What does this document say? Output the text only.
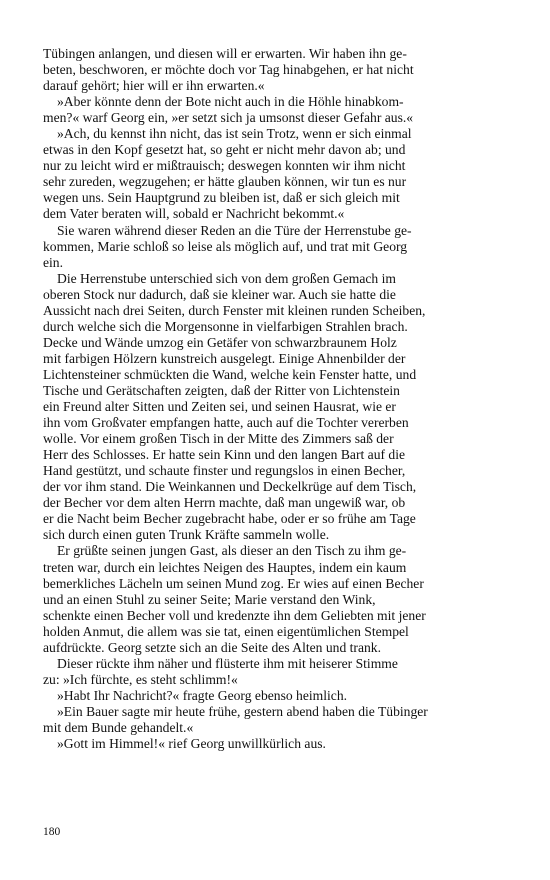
Tübingen anlangen, und diesen will er erwarten. Wir haben ihn ge-
beten, beschworen, er möchte doch vor Tag hinabgehen, er hat nicht
darauf gehört; hier will er ihn erwarten.«
»Aber könnte denn der Bote nicht auch in die Höhle hinabkom-
men?« warf Georg ein, »er setzt sich ja umsonst dieser Gefahr aus.«
»Ach, du kennst ihn nicht, das ist sein Trotz, wenn er sich einmal
etwas in den Kopf gesetzt hat, so geht er nicht mehr davon ab; und
nur zu leicht wird er mißtrauisch; deswegen konnten wir ihm nicht
sehr zureden, wegzugehen; er hätte glauben können, wir tun es nur
wegen uns. Sein Hauptgrund zu bleiben ist, daß er sich gleich mit
dem Vater beraten will, sobald er Nachricht bekommt.«
Sie waren während dieser Reden an die Türe der Herrenstube ge-
kommen, Marie schloß so leise als möglich auf, und trat mit Georg
ein.
Die Herrenstube unterschied sich von dem großen Gemach im
oberen Stock nur dadurch, daß sie kleiner war. Auch sie hatte die
Aussicht nach drei Seiten, durch Fenster mit kleinen runden Scheiben,
durch welche sich die Morgensonne in vielfarbigen Strahlen brach.
Decke und Wände umzog ein Getäfer von schwarzbraunem Holz
mit farbigen Hölzern kunstreich ausgelegt. Einige Ahnenbilder der
Lichtensteiner schmückten die Wand, welche kein Fenster hatte, und
Tische und Gerätschaften zeigten, daß der Ritter von Lichtenstein
ein Freund alter Sitten und Zeiten sei, und seinen Hausrat, wie er
ihn vom Großvater empfangen hatte, auch auf die Tochter vererben
wolle. Vor einem großen Tisch in der Mitte des Zimmers saß der
Herr des Schlosses. Er hatte sein Kinn und den langen Bart auf die
Hand gestützt, und schaute finster und regungslos in einen Becher,
der vor ihm stand. Die Weinkannen und Deckelkrüge auf dem Tisch,
der Becher vor dem alten Herrn machte, daß man ungewiß war, ob
er die Nacht beim Becher zugebracht habe, oder er so frühe am Tage
sich durch einen guten Trunk Kräfte sammeln wolle.
Er grüßte seinen jungen Gast, als dieser an den Tisch zu ihm ge-
treten war, durch ein leichtes Neigen des Hauptes, indem ein kaum
bemerkliches Lächeln um seinen Mund zog. Er wies auf einen Becher
und an einen Stuhl zu seiner Seite; Marie verstand den Wink,
schenkte einen Becher voll und kredenzte ihn dem Geliebten mit jener
holden Anmut, die allem was sie tat, einen eigentümlichen Stempel
aufdrückte. Georg setzte sich an die Seite des Alten und trank.
Dieser rückte ihm näher und flüsterte ihm mit heiserer Stimme
zu: »Ich fürchte, es steht schlimm!«
»Habt Ihr Nachricht?« fragte Georg ebenso heimlich.
»Ein Bauer sagte mir heute frühe, gestern abend haben die Tübinger
mit dem Bunde gehandelt.«
»Gott im Himmel!« rief Georg unwillkürlich aus.
180
